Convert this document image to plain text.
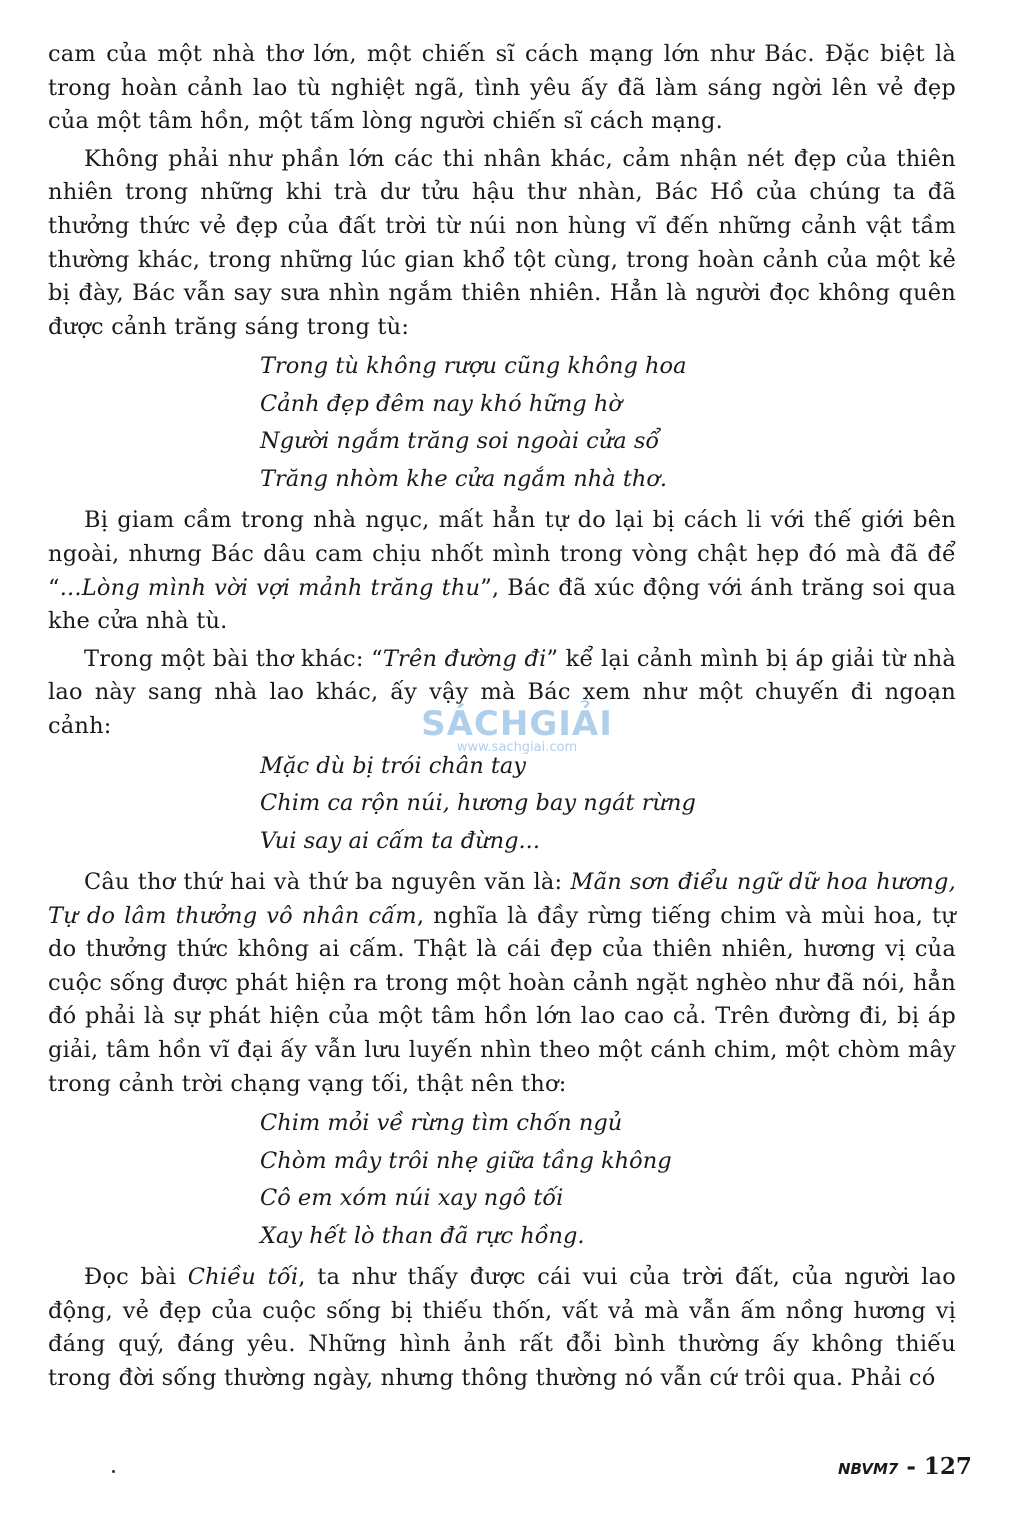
cam của một nhà thơ lớn, một chiến sĩ cách mạng lớn như Bác. Đặc biệt là trong hoàn cảnh lao tù nghiệt ngã, tình yêu ấy đã làm sáng ngời lên vẻ đẹp của một tâm hồn, một tấm lòng người chiến sĩ cách mạng.

Không phải như phần lớn các thi nhân khác, cảm nhận nét đẹp của thiên nhiên trong những khi trà dư tửu hậu thư nhàn, Bác Hồ của chúng ta đã thưởng thức vẻ đẹp của đất trời từ núi non hùng vĩ đến những cảnh vật tầm thường khác, trong những lúc gian khổ tột cùng, trong hoàn cảnh của một kẻ bị đày, Bác vẫn say sưa nhìn ngắm thiên nhiên. Hẳn là người đọc không quên được cảnh trăng sáng trong tù:

Trong tù không rượu cũng không hoa
Cảnh đẹp đêm nay khó hững hờ
Người ngắm trăng soi ngoài cửa sổ
Trăng nhòm khe cửa ngắm nhà thơ.

Bị giam cầm trong nhà ngục, mất hẳn tự do lại bị cách li với thế giới bên ngoài, nhưng Bác dâu cam chịu nhốt mình trong vòng chật hẹp đó mà đã để “...Lòng mình vời vợi mảnh trăng thu”, Bác đã xúc động với ánh trăng soi qua khe cửa nhà tù.

Trong một bài thơ khác: “Trên đường đi” kể lại cảnh mình bị áp giải từ nhà lao này sang nhà lao khác, ấy vậy mà Bác xem như một chuyến đi ngoạn cảnh:

Mặc dù bị trói chân tay
Chim ca rộn núi, hương bay ngát rừng
Vui say ai cấm ta đừng...

Câu thơ thứ hai và thứ ba nguyên văn là: Mãn sơn điểu ngữ dữ hoa hương, Tự do lâm thưởng vô nhân cấm, nghĩa là đầy rừng tiếng chim và mùi hoa, tự do thưởng thức không ai cấm. Thật là cái đẹp của thiên nhiên, hương vị của cuộc sống được phát hiện ra trong một hoàn cảnh ngặt nghèo như đã nói, hẳn đó phải là sự phát hiện của một tâm hồn lớn lao cao cả. Trên đường đi, bị áp giải, tâm hồn vĩ đại ấy vẫn lưu luyến nhìn theo một cánh chim, một chòm mây trong cảnh trời chạng vạng tối, thật nên thơ:

Chim mỏi về rừng tìm chốn ngủ
Chòm mây trôi nhẹ giữa tầng không
Cô em xóm núi xay ngô tối
Xay hết lò than đã rực hồng.

Đọc bài Chiều tối, ta như thấy được cái vui của trời đất, của người lao động, vẻ đẹp của cuộc sống bị thiếu thốn, vất vả mà vẫn ấm nồng hương vị đáng quý, đáng yêu. Những hình ảnh rất đỗi bình thường ấy không thiếu trong đời sống thường ngày, nhưng thông thường nó vẫn cứ trôi qua. Phải có

SÁCHGIẢI
www.sachgiai.com
NBVM7 - 127
